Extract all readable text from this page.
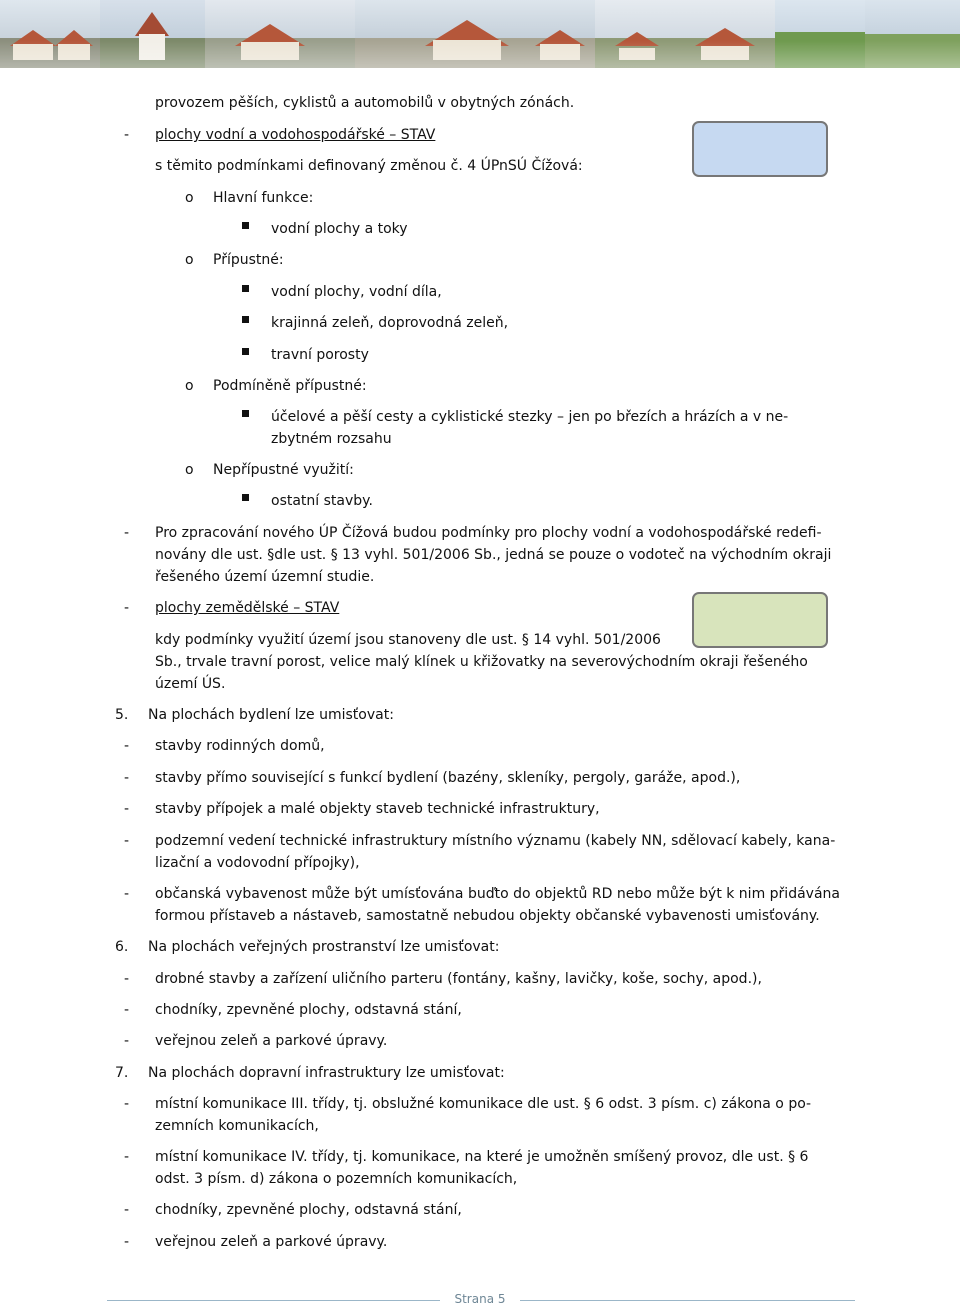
provozem pěších, cyklistů a automobilů v obytných zónách.
- plochy vodní a vodohospodářské – STAV
s těmito podmínkami definovaný změnou č. 4 ÚPnSÚ Čížová:
o Hlavní funkce:
vodní plochy a toky
o Přípustné:
vodní plochy, vodní díla,
krajinná zeleň, doprovodná zeleň,
travní porosty
o Podmíněně přípustné:
účelové a pěší cesty a cyklistické stezky – jen po březích a hrázích a v ne-
zbytném rozsahu
o Nepřípustné využití:
ostatní stavby.
- Pro zpracování nového ÚP Čížová budou podmínky pro plochy vodní a vodohospodářské redefi-
novány dle ust. §dle ust. § 13 vyhl. 501/2006 Sb., jedná se pouze o vodoteč na východním okraji
řešeného území územní studie.
- plochy zemědělské – STAV
kdy podmínky využití území jsou stanoveny dle ust. § 14 vyhl. 501/2006
Sb., trvale travní porost, velice malý klínek u křižovatky na severovýchodním okraji řešeného
území ÚS.
5. Na plochách bydlení lze umisťovat:
- stavby rodinných domů,
- stavby přímo související s funkcí bydlení (bazény, skleníky, pergoly, garáže, apod.),
- stavby přípojek a malé objekty staveb technické infrastruktury,
- podzemní vedení technické infrastruktury místního významu (kabely NN, sdělovací kabely, kana-
lizační a vodovodní přípojky),
- občanská vybavenost může být umísťována buďto do objektů RD nebo může být k nim přidávána
formou přístaveb a nástaveb, samostatně nebudou objekty občanské vybavenosti umisťovány.
6. Na plochách veřejných prostranství lze umisťovat:
- drobné stavby a zařízení uličního parteru (fontány, kašny, lavičky, koše, sochy, apod.),
- chodníky, zpevněné plochy, odstavná stání,
- veřejnou zeleň a parkové úpravy.
7. Na plochách dopravní infrastruktury lze umisťovat:
- místní komunikace III. třídy, tj. obslužné komunikace dle ust. § 6 odst. 3 písm. c) zákona o po-
zemních komunikacích,
- místní komunikace IV. třídy, tj. komunikace, na které je umožněn smíšený provoz, dle ust. § 6
odst. 3 písm. d) zákona o pozemních komunikacích,
- chodníky, zpevněné plochy, odstavná stání,
- veřejnou zeleň a parkové úpravy.
Strana 5
